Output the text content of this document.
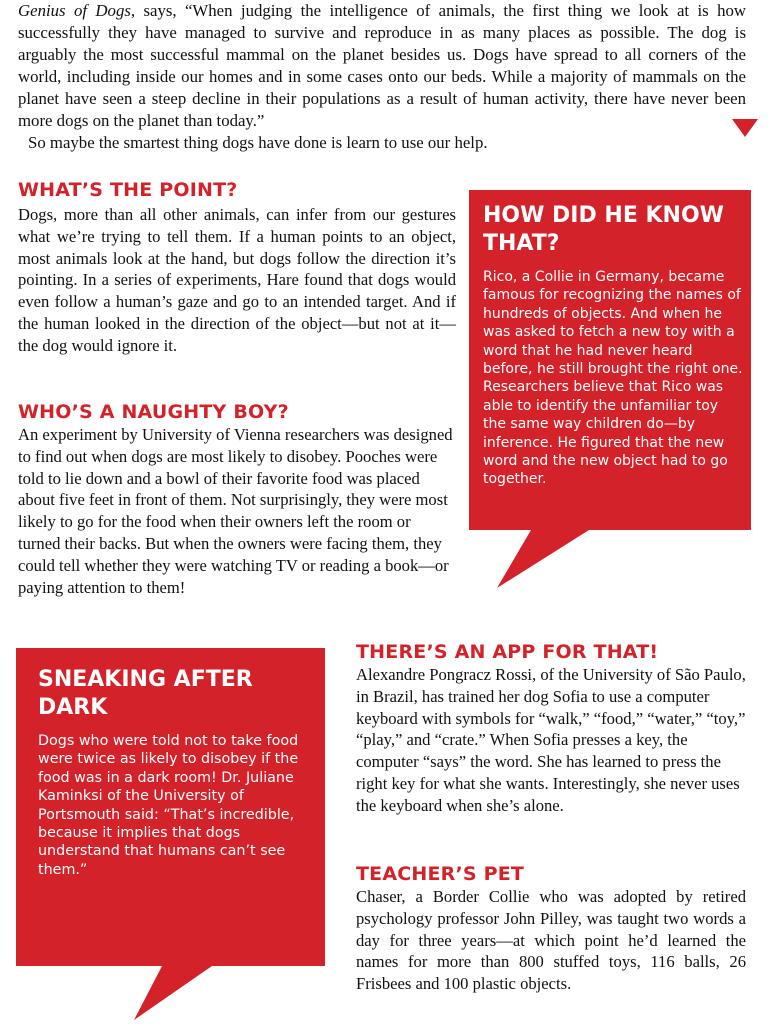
Genius of Dogs, says, “When judging the intelligence of animals, the first thing we look at is how successfully they have managed to survive and reproduce in as many places as possible. The dog is arguably the most successful mammal on the planet besides us. Dogs have spread to all corners of the world, including inside our homes and in some cases onto our beds. While a majority of mammals on the planet have seen a steep decline in their populations as a result of human activity, there have never been more dogs on the planet than today.”
So maybe the smartest thing dogs have done is learn to use our help.
WHAT’S THE POINT?

Dogs, more than all other animals, can infer from our gestures what we’re trying to tell them. If a human points to an object, most animals look at the hand, but dogs follow the direction it’s pointing. In a series of experiments, Hare found that dogs would even follow a human’s gaze and go to an intended target. And if the human looked in the direction of the object—but not at it—the dog would ignore it.

WHO’S A NAUGHTY BOY?

An experiment by University of Vienna researchers was designed to find out when dogs are most likely to disobey. Pooches were told to lie down and a bowl of their favorite food was placed about five feet in front of them. Not surprisingly, they were most likely to go for the food when their owners left the room or turned their backs. But when the owners were facing them, they could tell whether they were watching TV or reading a book—or paying attention to them!

HOW DID HE KNOW THAT?

Rico, a Collie in Germany, became famous for recognizing the names of hundreds of objects. And when he was asked to fetch a new toy with a word that he had never heard before, he still brought the right one. Researchers believe that Rico was able to identify the unfamiliar toy the same way children do—by inference. He figured that the new word and the new object had to go together.

SNEAKING AFTER DARK

Dogs who were told not to take food were twice as likely to disobey if the food was in a dark room! Dr. Juliane Kaminksi of the University of Portsmouth said: “That’s incredible, because it implies that dogs understand that humans can’t see them.”

THERE’S AN APP FOR THAT!

Alexandre Pongracz Rossi, of the University of São Paulo, in Brazil, has trained her dog Sofia to use a computer keyboard with symbols for “walk,” “food,” “water,” “toy,” “play,” and “crate.” When Sofia presses a key, the computer “says” the word. She has learned to press the right key for what she wants. Interestingly, she never uses the keyboard when she’s alone.

TEACHER’S PET

Chaser, a Border Collie who was adopted by retired psychology professor John Pilley, was taught two words a day for three years—at which point he’d learned the names for more than 800 stuffed toys, 116 balls, 26 Frisbees and 100 plastic objects.
